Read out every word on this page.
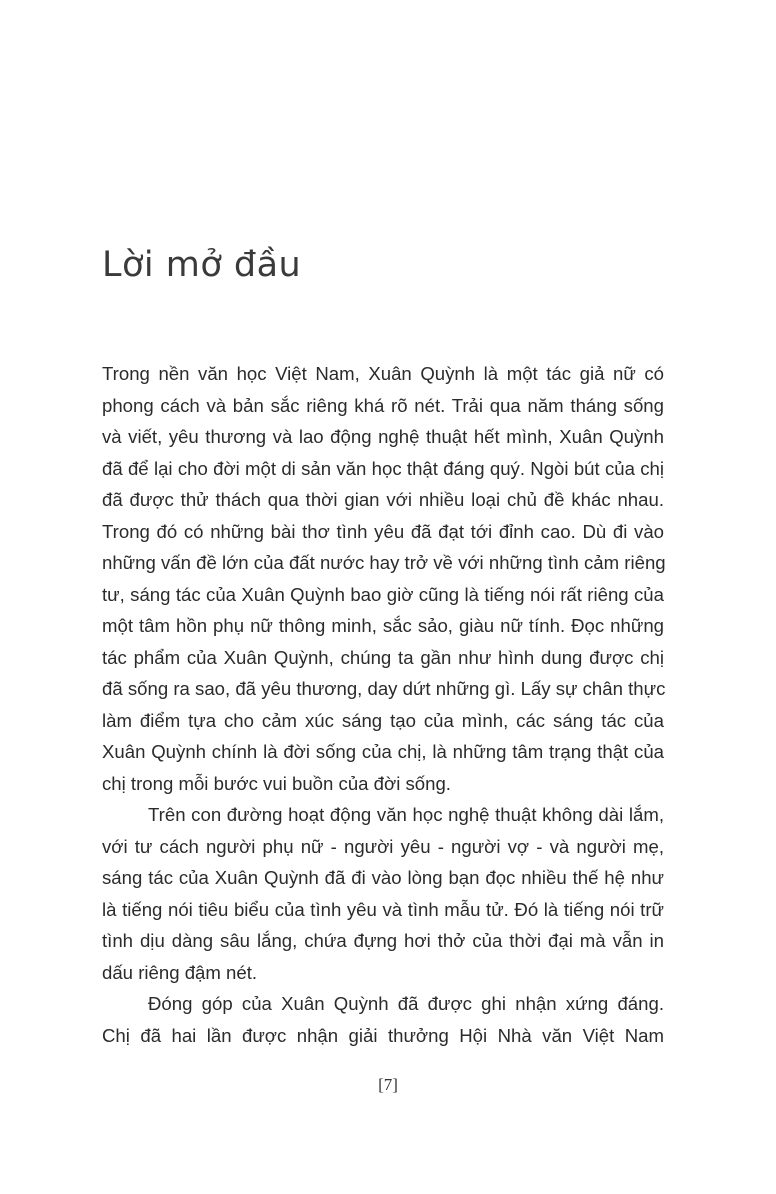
Lời mở đầu

Trong nền văn học Việt Nam, Xuân Quỳnh là một tác giả nữ có
phong cách và bản sắc riêng khá rõ nét. Trải qua năm tháng sống
và viết, yêu thương và lao động nghệ thuật hết mình, Xuân Quỳnh
đã để lại cho đời một di sản văn học thật đáng quý. Ngòi bút của chị
đã được thử thách qua thời gian với nhiều loại chủ đề khác nhau.
Trong đó có những bài thơ tình yêu đã đạt tới đỉnh cao. Dù đi vào
những vấn đề lớn của đất nước hay trở về với những tình cảm riêng
tư, sáng tác của Xuân Quỳnh bao giờ cũng là tiếng nói rất riêng của
một tâm hồn phụ nữ thông minh, sắc sảo, giàu nữ tính. Đọc những
tác phẩm của Xuân Quỳnh, chúng ta gần như hình dung được chị
đã sống ra sao, đã yêu thương, day dứt những gì. Lấy sự chân thực
làm điểm tựa cho cảm xúc sáng tạo của mình, các sáng tác của
Xuân Quỳnh chính là đời sống của chị, là những tâm trạng thật của
chị trong mỗi bước vui buồn của đời sống.

Trên con đường hoạt động văn học nghệ thuật không dài lắm,
với tư cách người phụ nữ - người yêu - người vợ - và người mẹ,
sáng tác của Xuân Quỳnh đã đi vào lòng bạn đọc nhiều thế hệ như
là tiếng nói tiêu biểu của tình yêu và tình mẫu tử. Đó là tiếng nói trữ
tình dịu dàng sâu lắng, chứa đựng hơi thở của thời đại mà vẫn in
dấu riêng đậm nét.

Đóng góp của Xuân Quỳnh đã được ghi nhận xứng đáng.
Chị đã hai lần được nhận giải thưởng Hội Nhà văn Việt Nam

[7]
